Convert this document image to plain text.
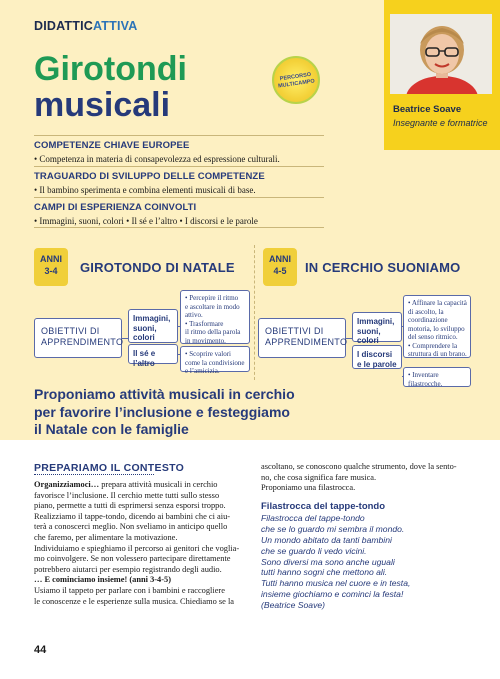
DIDATTICATTIVA
Girotondi
musicali
PERCORSO MULTICAMPO
Beatrice Soave
Insegnante e formatrice
COMPETENZE CHIAVE EUROPEE
• Competenza in materia di consapevolezza ed espressione culturali.
TRAGUARDO DI SVILUPPO DELLE COMPETENZE
• Il bambino sperimenta e combina elementi musicali di base.
CAMPI DI ESPERIENZA COINVOLTI
• Immagini, suoni, colori • Il sé e l’altro • I discorsi e le parole
ANNI
3-4	GIROTONDO DI NATALE
OBIETTIVI DI APPRENDIMENTO
Immagini, suoni, colori
Il sé e l’altro
• Percepire il ritmo
e ascoltare in modo
attivo.
• Trasformare
il ritmo della parola
in movimento.
• Scoprire valori
come la condivisione
e l’amicizia.
ANNI
4-5	IN CERCHIO SUONIAMO
OBIETTIVI DI APPRENDIMENTO
Immagini, suoni, colori
I discorsi e le parole
• Affinare la capacità
di ascolto, la
coordinazione
motoria, lo sviluppo
del senso ritmico.
• Comprendere la
struttura di un brano.
• Inventare
filastrocche.
Proponiamo attività musicali in cerchio
per favorire l’inclusione e festeggiamo
il Natale con le famiglie
PREPARIAMO IL CONTESTO
Organizziamoci… prepara attività musicali in cerchio
favorisce l’inclusione. Il cerchio mette tutti sullo stesso
piano, permette a tutti di esprimersi senza esporsi troppo.
Realizziamo il tappe-tondo, dicendo ai bambini che ci aiu-
terà a conoscerci meglio. Non sveliamo in anticipo quello
che faremo, per alimentare la motivazione.
Individuiamo e spieghiamo il percorso ai genitori che voglia-
mo coinvolgere. Se non volessero partecipare direttamente
potrebbero aiutarci per esempio registrando degli audio.
… E cominciamo insieme! (anni 3-4-5)
Usiamo il tappeto per parlare con i bambini e raccogliere
le conoscenze e le esperienze sulla musica. Chiediamo se la
ascoltano, se conoscono qualche strumento, dove la sento-
no, che cosa significa fare musica.
Proponiamo una filastrocca.
Filastrocca del tappe-tondo
Filastrocca del tappe-tondo
che se lo guardo mi sembra il mondo.
Un mondo abitato da tanti bambini
che se guardo li vedo vicini.
Sono diversi ma sono anche uguali
tutti hanno sogni che mettono ali.
Tutti hanno musica nel cuore e in testa,
insieme giochiamo e cominci la festa!
(Beatrice Soave)
44
